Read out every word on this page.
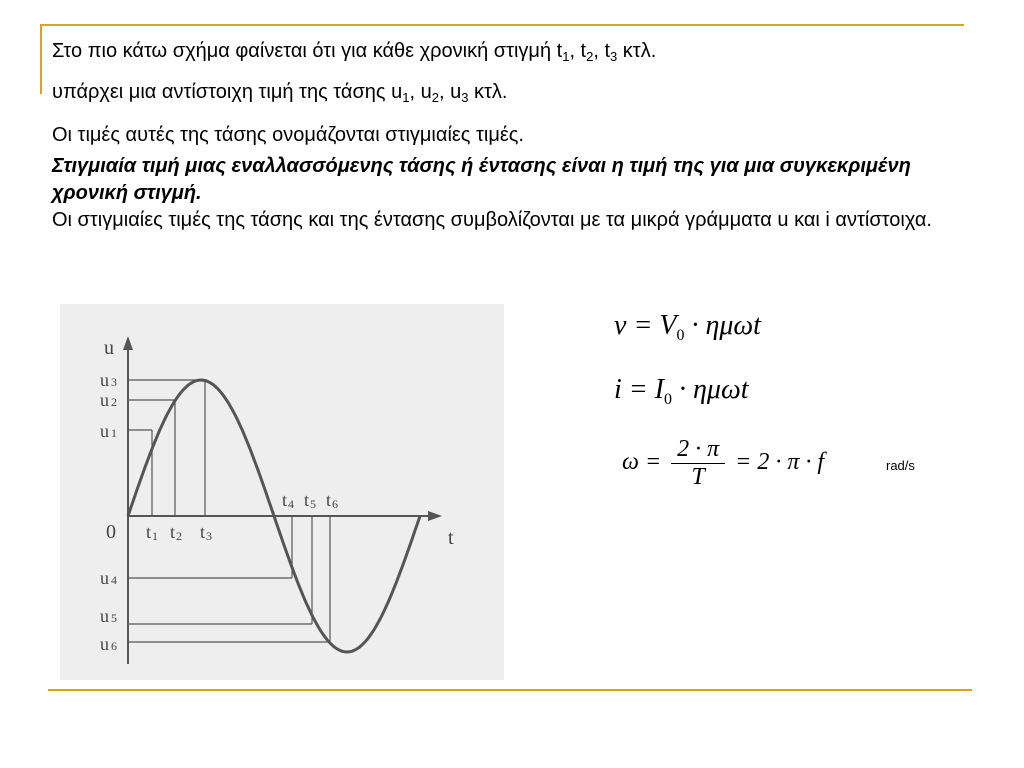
Στο πιο κάτω σχήμα φαίνεται ότι για κάθε χρονική στιγμή $t_1$, $t_2$, $t_3$ κτλ.

υπάρχει μια αντίστοιχη τιμή της τάσης $u_1$, $u_2$, $u_3$ κτλ.

Οι τιμές αυτές της τάσης ονομάζονται στιγμιαίες τιμές.

Στιγμιαία τιμή μιας εναλλασσόμενης τάσης ή έντασης είναι η τιμή της για μια συγκεκριμένη χρονική στιγμή.

Οι στιγμιαίες τιμές της τάσης και της έντασης συμβολίζονται με τα μικρά γράμματα u και i αντίστοιχα.

u
t
0
u 3
u 2
u 1
u 4
u 5
u 6
t1 t2 t3
t4 t5 t6
$v = V_0 \cdot \eta\mu\omega t$
$i = I_0 \cdot \eta\mu\omega t$
$\omega = \frac{2 \cdot \pi}{T} = 2 \cdot \pi \cdot f$	rad/s
